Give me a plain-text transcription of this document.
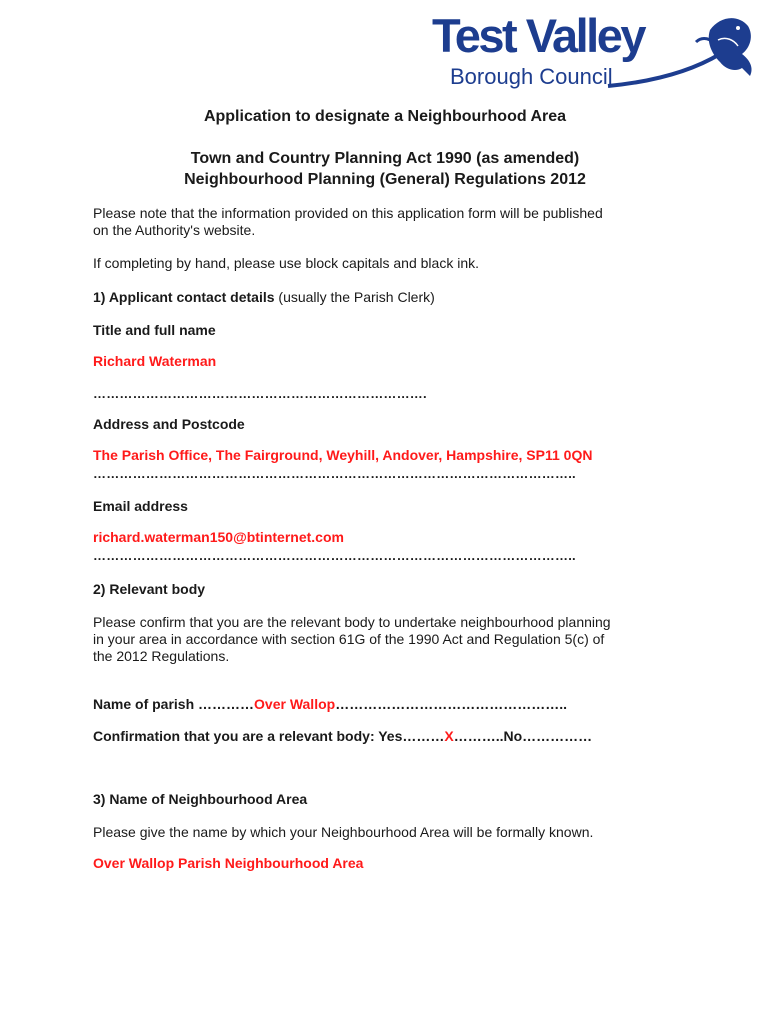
Test Valley
Borough Council
Application to designate a Neighbourhood Area
Town and Country Planning Act 1990 (as amended)
Neighbourhood Planning (General) Regulations 2012
Please note that the information provided on this application form will be published
on the Authority's website.
If completing by hand, please use block capitals and black ink.
1) Applicant contact details (usually the Parish Clerk)
Title and full name
Richard Waterman
………………………………………………………………….
Address and Postcode
The Parish Office, The Fairground, Weyhill, Andover, Hampshire, SP11 0QN
………………………………………………………………………………………………..
Email address
richard.waterman150@btinternet.com
………………………………………………………………………………………………..
2) Relevant body
Please confirm that you are the relevant body to undertake neighbourhood planning
in your area in accordance with section 61G of the 1990 Act and Regulation 5(c) of
the 2012 Regulations.
Name of parish …………Over Wallop…………………………………………..
Confirmation that you are a relevant body: Yes………X………..No……………
3) Name of Neighbourhood Area
Please give the name by which your Neighbourhood Area will be formally known.
Over Wallop Parish Neighbourhood Area
